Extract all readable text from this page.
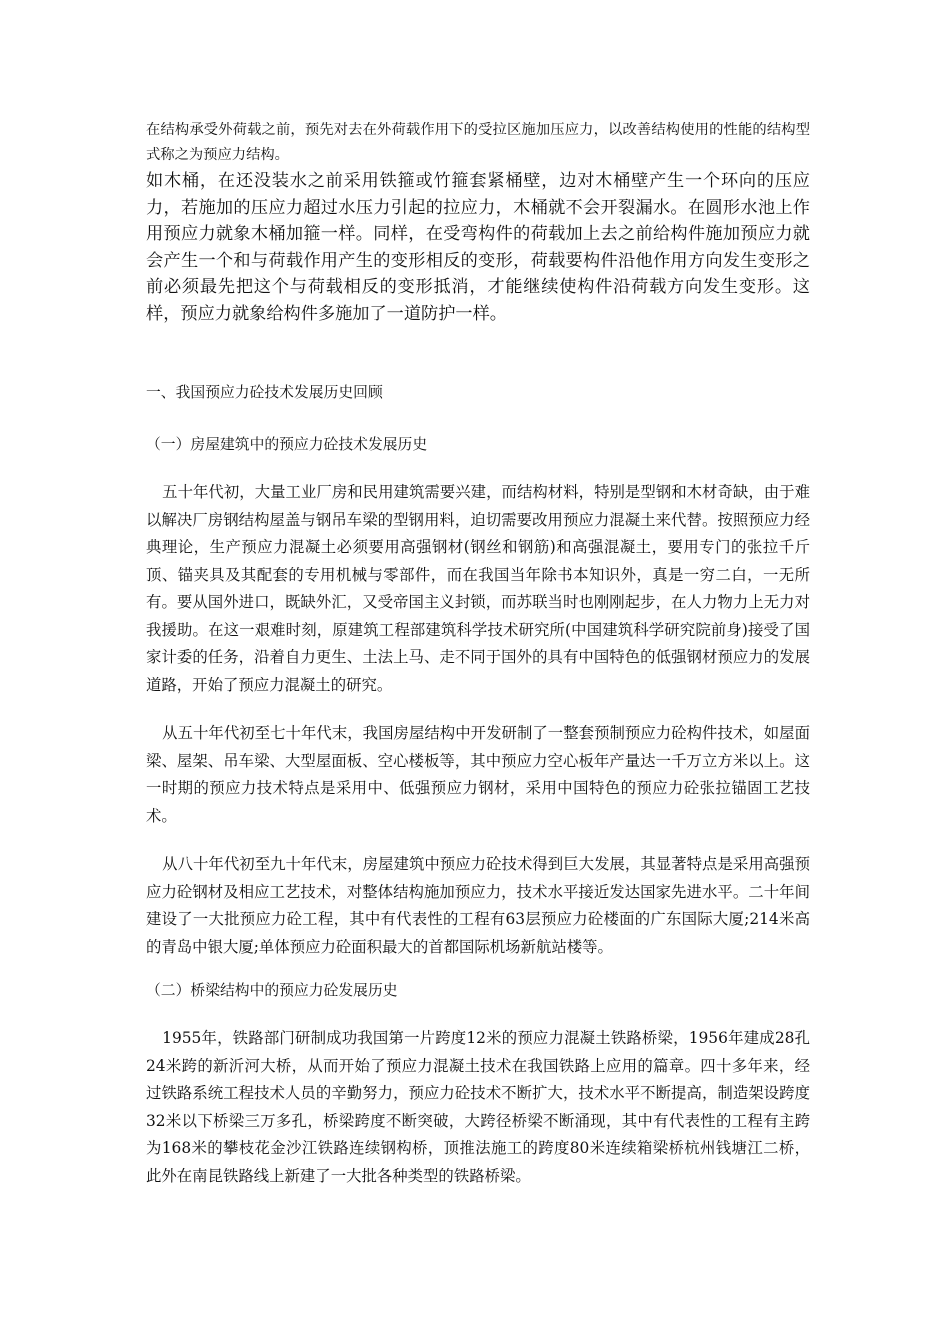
在结构承受外荷载之前，预先对去在外荷载作用下的受拉区施加压应力，以改善结构使用的性能的结构型式称之为预应力结构。

如木桶，在还没装水之前采用铁箍或竹箍套紧桶壁，边对木桶壁产生一个环向的压应力，若施加的压应力超过水压力引起的拉应力，木桶就不会开裂漏水。在圆形水池上作用预应力就象木桶加箍一样。同样，在受弯构件的荷载加上去之前给构件施加预应力就会产生一个和与荷载作用产生的变形相反的变形，荷载要构件沿他作用方向发生变形之前必须最先把这个与荷载相反的变形抵消，才能继续使构件沿荷载方向发生变形。这样，预应力就象给构件多施加了一道防护一样。

一、我国预应力砼技术发展历史回顾

（一）房屋建筑中的预应力砼技术发展历史

五十年代初，大量工业厂房和民用建筑需要兴建，而结构材料，特别是型钢和木材奇缺，由于难以解决厂房钢结构屋盖与钢吊车梁的型钢用料，迫切需要改用预应力混凝土来代替。按照预应力经典理论，生产预应力混凝土必须要用高强钢材(钢丝和钢筋)和高强混凝土，要用专门的张拉千斤顶、锚夹具及其配套的专用机械与零部件，而在我国当年除书本知识外，真是一穷二白，一无所有。要从国外进口，既缺外汇，又受帝国主义封锁，而苏联当时也刚刚起步，在人力物力上无力对我援助。在这一艰难时刻，原建筑工程部建筑科学技术研究所(中国建筑科学研究院前身)接受了国家计委的任务，沿着自力更生、土法上马、走不同于国外的具有中国特色的低强钢材预应力的发展道路，开始了预应力混凝土的研究。

从五十年代初至七十年代末，我国房屋结构中开发研制了一整套预制预应力砼构件技术，如屋面梁、屋架、吊车梁、大型屋面板、空心楼板等，其中预应力空心板年产量达一千万立方米以上。这一时期的预应力技术特点是采用中、低强预应力钢材，采用中国特色的预应力砼张拉锚固工艺技术。

从八十年代初至九十年代末，房屋建筑中预应力砼技术得到巨大发展，其显著特点是采用高强预应力砼钢材及相应工艺技术，对整体结构施加预应力，技术水平接近发达国家先进水平。二十年间建设了一大批预应力砼工程，其中有代表性的工程有63层预应力砼楼面的广东国际大厦;214米高的青岛中银大厦;单体预应力砼面积最大的首都国际机场新航站楼等。

（二）桥梁结构中的预应力砼发展历史

1955年，铁路部门研制成功我国第一片跨度12米的预应力混凝土铁路桥梁，1956年建成28孔24米跨的新沂河大桥，从而开始了预应力混凝土技术在我国铁路上应用的篇章。四十多年来，经过铁路系统工程技术人员的辛勤努力，预应力砼技术不断扩大，技术水平不断提高，制造架设跨度32米以下桥梁三万多孔，桥梁跨度不断突破，大跨径桥梁不断涌现，其中有代表性的工程有主跨为168米的攀枝花金沙江铁路连续钢构桥，顶推法施工的跨度80米连续箱梁桥杭州钱塘江二桥，此外在南昆铁路线上新建了一大批各种类型的铁路桥梁。
